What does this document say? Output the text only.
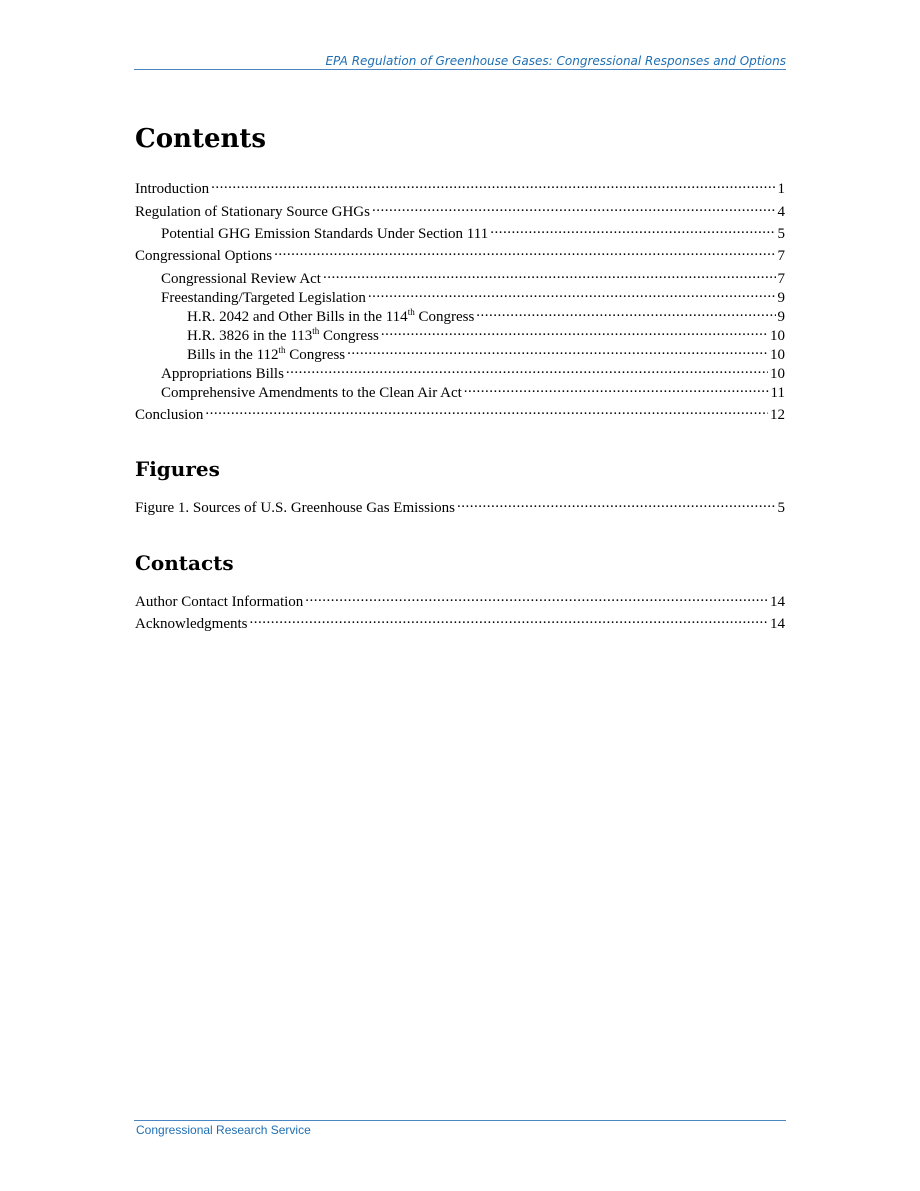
EPA Regulation of Greenhouse Gases: Congressional Responses and Options
Contents
Introduction .....	1
Regulation of Stationary Source GHGs .....	4
Potential GHG Emission Standards Under Section 111 .....	5
Congressional Options .....	7
Congressional Review Act .....	7
Freestanding/Targeted Legislation .....	9
H.R. 2042 and Other Bills in the 114th Congress .....	9
H.R. 3826 in the 113th Congress .....	10
Bills in the 112th Congress .....	10
Appropriations Bills .....	10
Comprehensive Amendments to the Clean Air Act .....	11
Conclusion .....	12
Figures
Figure 1. Sources of U.S. Greenhouse Gas Emissions .....	5
Contacts
Author Contact Information .....	14
Acknowledgments .....	14
Congressional Research Service
